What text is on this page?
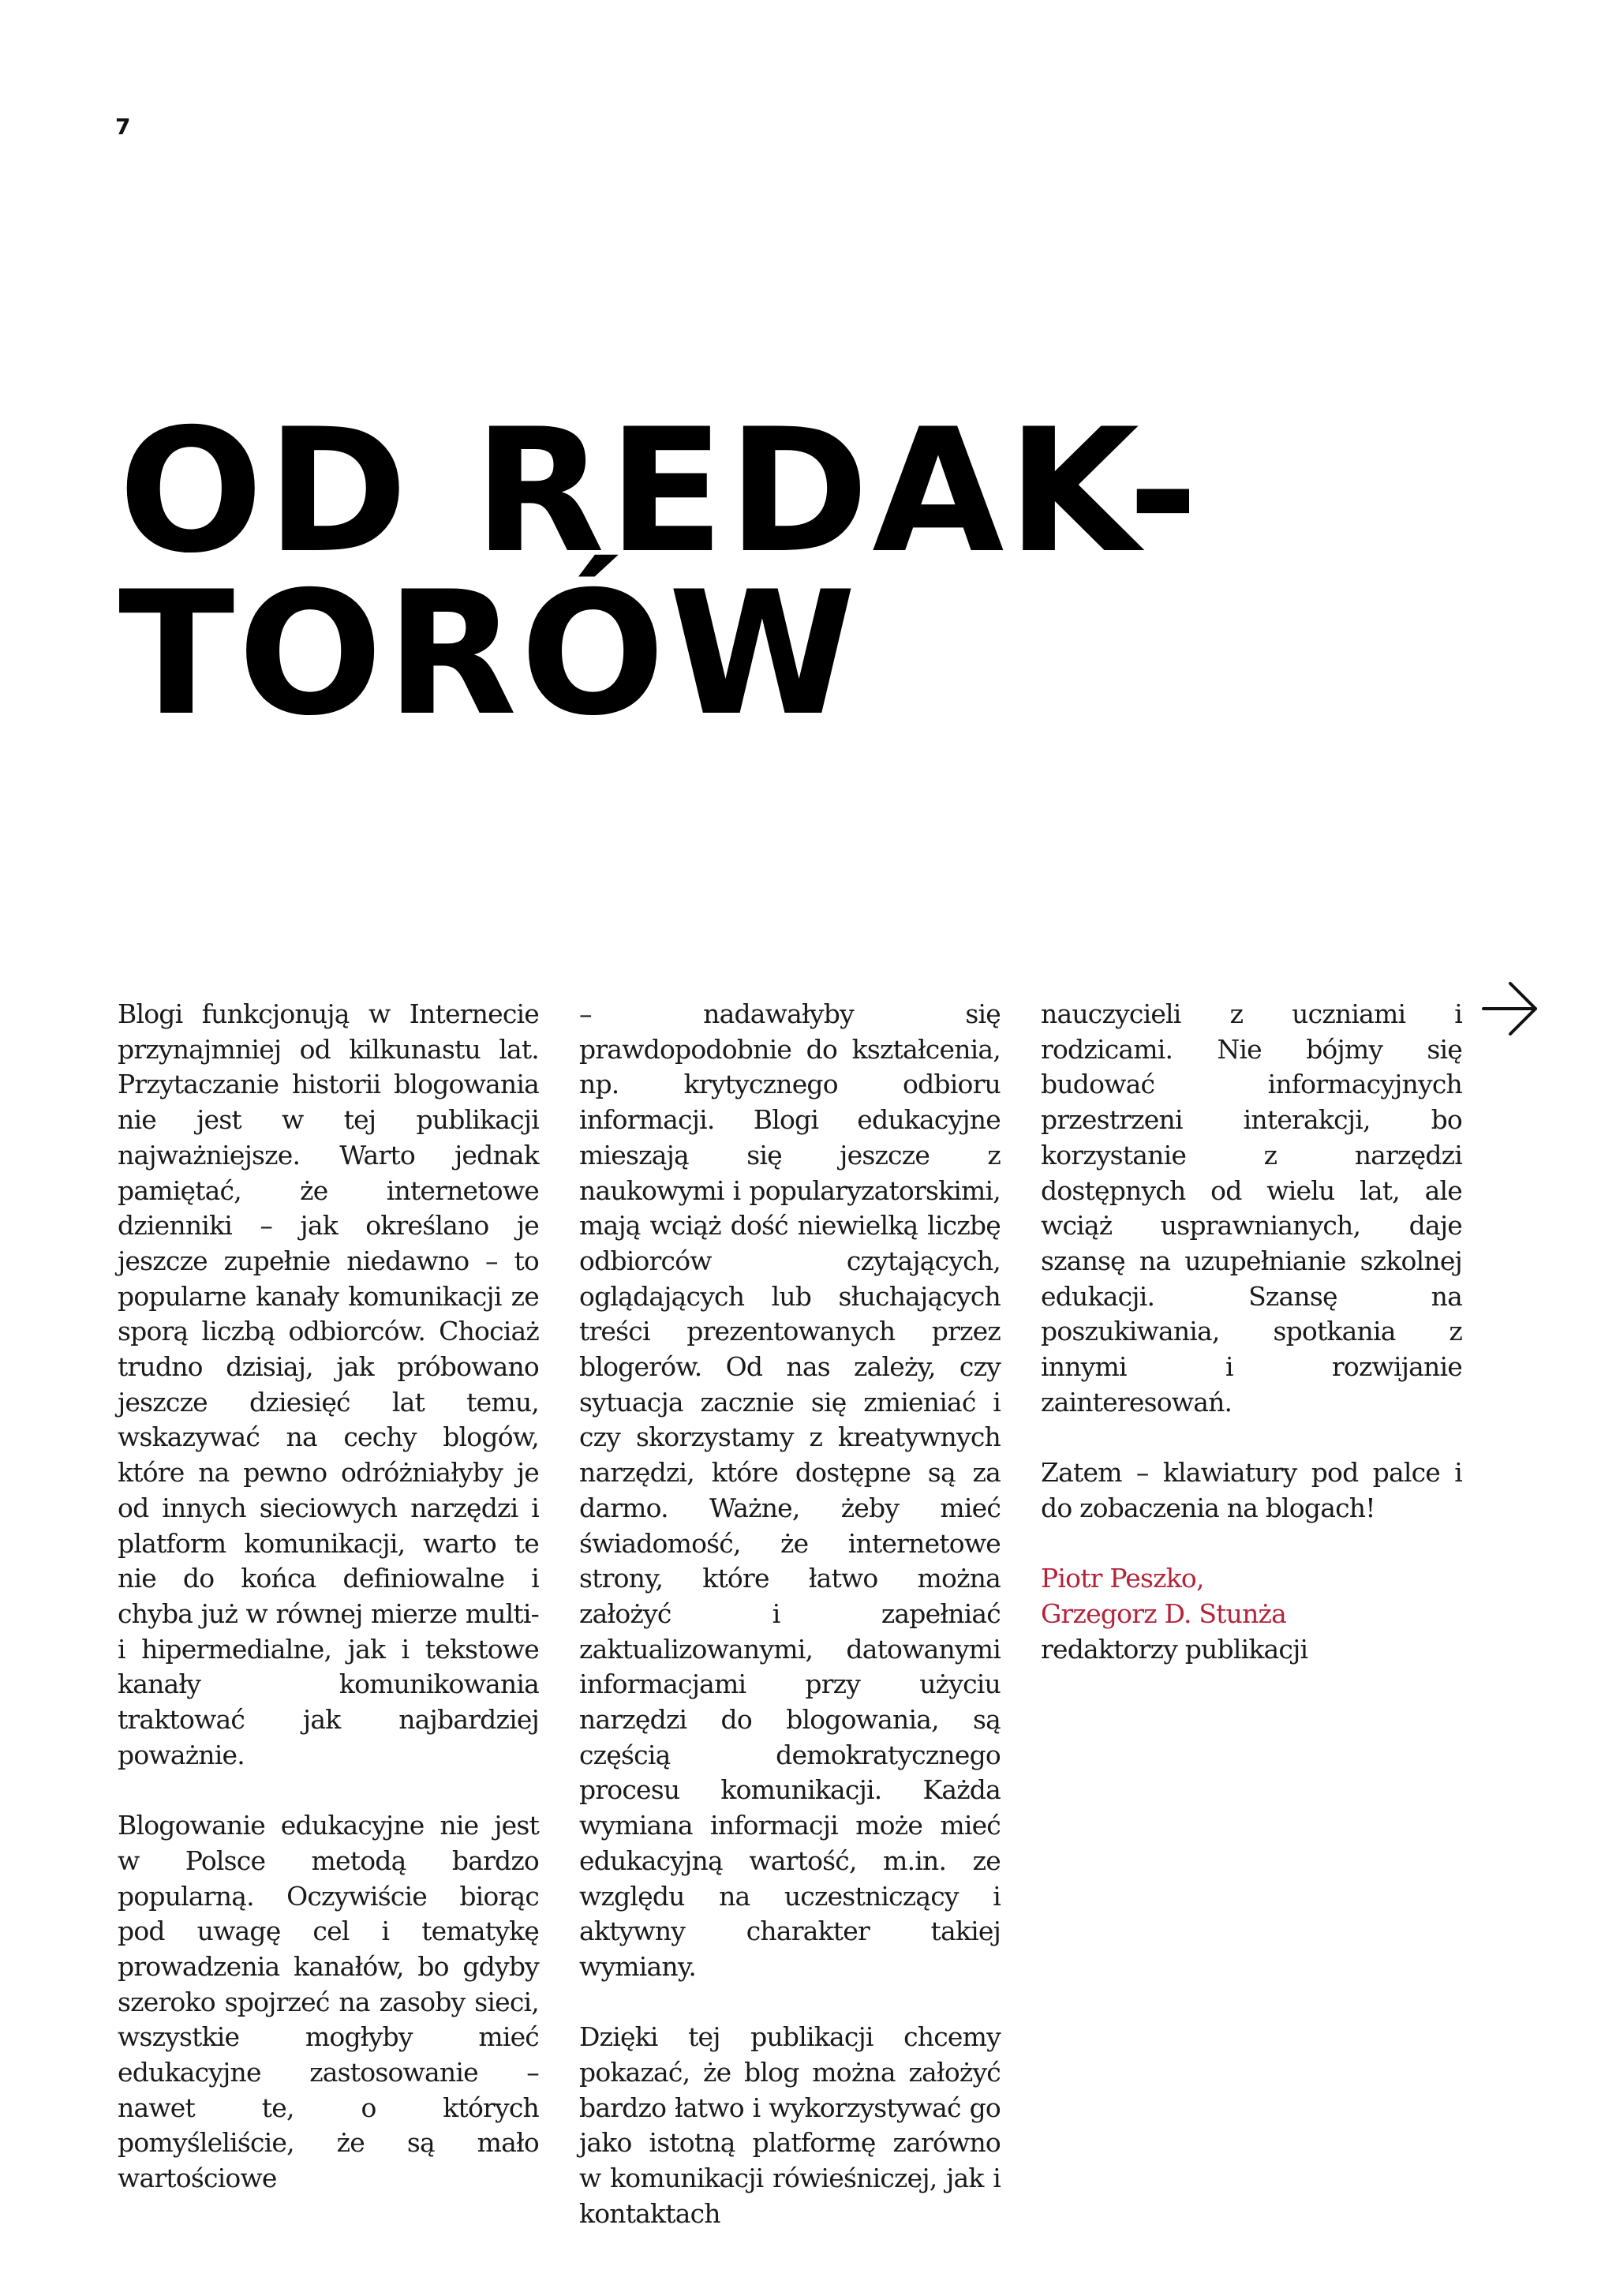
7
OD REDAK-
TORÓW

Blogi funkcjonują w Internecie przynajmniej od kilkunastu lat. Przytaczanie historii blogowania nie jest w tej publikacji najważniejsze. Warto jednak pamiętać, że internetowe dzienniki – jak określano je jeszcze zupełnie niedawno – to popularne kanały komunikacji ze sporą liczbą odbiorców. Chociaż trudno dzisiaj, jak próbowano jeszcze dziesięć lat temu, wskazywać na cechy blogów, które na pewno odróżniałyby je od innych sieciowych narzędzi i platform komunikacji, warto te nie do końca definiowalne i chyba już w równej mierze multi- i hipermedialne, jak i tekstowe kanały komunikowania traktować jak najbardziej poważnie.

Blogowanie edukacyjne nie jest w Polsce metodą bardzo popularną. Oczywiście biorąc pod uwagę cel i tematykę prowadzenia kanałów, bo gdyby szeroko spojrzeć na zasoby sieci, wszystkie mogłyby mieć edukacyjne zastosowanie – nawet te, o których pomyśleliście, że są mało wartościowe

– nadawałyby się prawdopodobnie do kształcenia, np. krytycznego odbioru informacji. Blogi edukacyjne mieszają się jeszcze z naukowymi i popularyzatorskimi, mają wciąż dość niewielką liczbę odbiorców czytających, oglądających lub słuchających treści prezentowanych przez blogerów. Od nas zależy, czy sytuacja zacznie się zmieniać i czy skorzystamy z kreatywnych narzędzi, które dostępne są za darmo. Ważne, żeby mieć świadomość, że internetowe strony, które łatwo można założyć i zapełniać zaktualizowanymi, datowanymi informacjami przy użyciu narzędzi do blogowania, są częścią demokratycznego procesu komunikacji. Każda wymiana informacji może mieć edukacyjną wartość, m.in. ze względu na uczestniczący i aktywny charakter takiej wymiany.

Dzięki tej publikacji chcemy pokazać, że blog można założyć bardzo łatwo i wykorzystywać go jako istotną platformę zarówno w komunikacji rówieśniczej, jak i kontaktach

nauczycieli z uczniami i rodzicami. Nie bójmy się budować informacyjnych przestrzeni interakcji, bo korzystanie z narzędzi dostępnych od wielu lat, ale wciąż usprawnianych, daje szansę na uzupełnianie szkolnej edukacji. Szansę na poszukiwania, spotkania z innymi i rozwijanie zainteresowań.

Zatem – klawiatury pod palce i do zobaczenia na blogach!

Piotr Peszko,
Grzegorz D. Stunża
redaktorzy publikacji
